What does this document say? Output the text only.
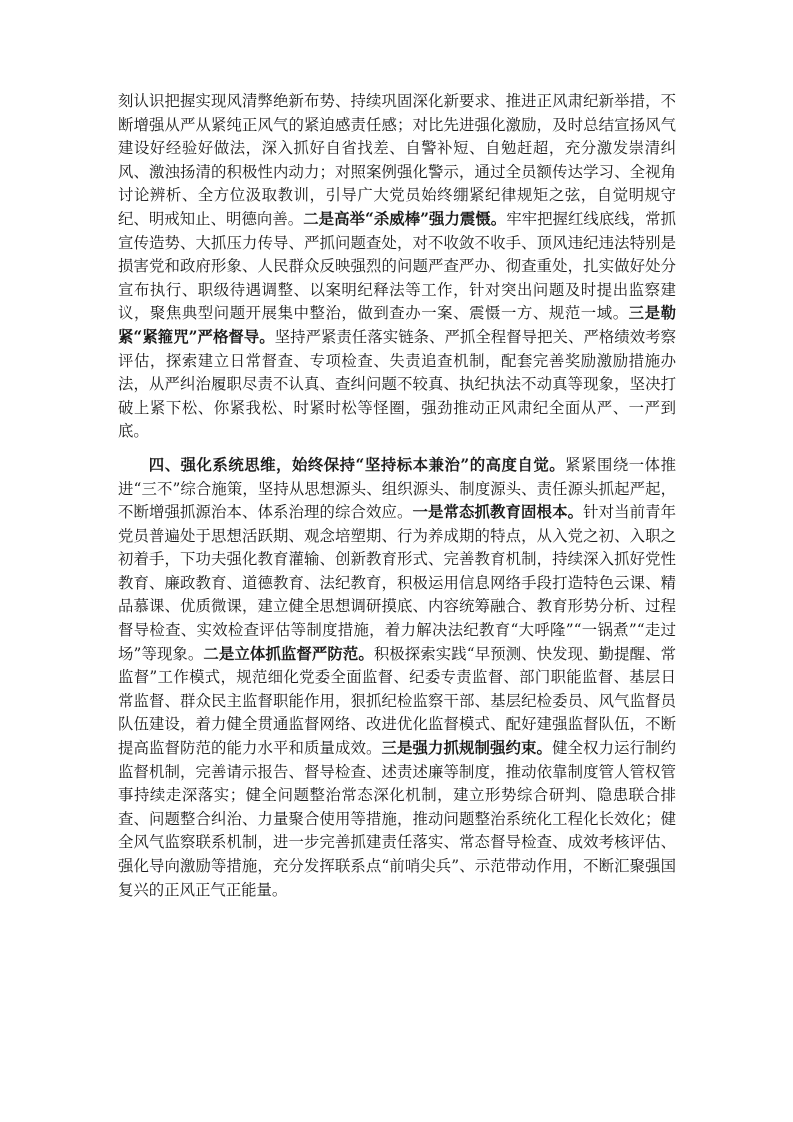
刻认识把握实现风清弊绝新布势、持续巩固深化新要求、推进正风肃纪新举措，不断增强从严从紧纯正风气的紧迫感责任感；对比先进强化激励，及时总结宣扬风气建设好经验好做法，深入抓好自省找差、自警补短、自勉赶超，充分激发崇清纠风、激浊扬清的积极性内动力；对照案例强化警示，通过全员额传达学习、全视角讨论辨析、全方位汲取教训，引导广大党员始终绷紧纪律规矩之弦，自觉明规守纪、明戒知止、明德向善。二是高举“杀威棒”强力震慑。牢牢把握红线底线，常抓宣传造势、大抓压力传导、严抓问题查处，对不收敛不收手、顶风违纪违法特别是损害党和政府形象、人民群众反映强烈的问题严查严办、彻查重处，扎实做好处分宣布执行、职级待遇调整、以案明纪释法等工作，针对突出问题及时提出监察建议，聚焦典型问题开展集中整治，做到查办一案、震慑一方、规范一域。三是勒紧“紧箍咒”严格督导。坚持严紧责任落实链条、严抓全程督导把关、严格绩效考察评估，探索建立日常督查、专项检查、失责追查机制，配套完善奖励激励措施办法，从严纠治履职尽责不认真、查纠问题不较真、执纪执法不动真等现象，坚决打破上紧下松、你紧我松、时紧时松等怪圈，强劲推动正风肃纪全面从严、一严到底。

四、强化系统思维，始终保持“坚持标本兼治”的高度自觉。紧紧围绕一体推进“三不”综合施策，坚持从思想源头、组织源头、制度源头、责任源头抓起严起，不断增强抓源治本、体系治理的综合效应。一是常态抓教育固根本。针对当前青年党员普遍处于思想活跃期、观念培塑期、行为养成期的特点，从入党之初、入职之初着手，下功夫强化教育灌输、创新教育形式、完善教育机制，持续深入抓好党性教育、廉政教育、道德教育、法纪教育，积极运用信息网络手段打造特色云课、精品慕课、优质微课，建立健全思想调研摸底、内容统筹融合、教育形势分析、过程督导检查、实效检查评估等制度措施，着力解决法纪教育“大呼隆”“一锅煮”“走过场”等现象。二是立体抓监督严防范。积极探索实践“早预测、快发现、勤提醒、常监督”工作模式，规范细化党委全面监督、纪委专责监督、部门职能监督、基层日常监督、群众民主监督职能作用，狠抓纪检监察干部、基层纪检委员、风气监督员队伍建设，着力健全贯通监督网络、改进优化监督模式、配好建强监督队伍，不断提高监督防范的能力水平和质量成效。三是强力抓规制强约束。健全权力运行制约监督机制，完善请示报告、督导检查、述责述廉等制度，推动依靠制度管人管权管事持续走深落实；健全问题整治常态深化机制，建立形势综合研判、隐患联合排查、问题整合纠治、力量聚合使用等措施，推动问题整治系统化工程化长效化；健全风气监察联系机制，进一步完善抓建责任落实、常态督导检查、成效考核评估、强化导向激励等措施，充分发挥联系点“前哨尖兵”、示范带动作用，不断汇聚强国复兴的正风正气正能量。
